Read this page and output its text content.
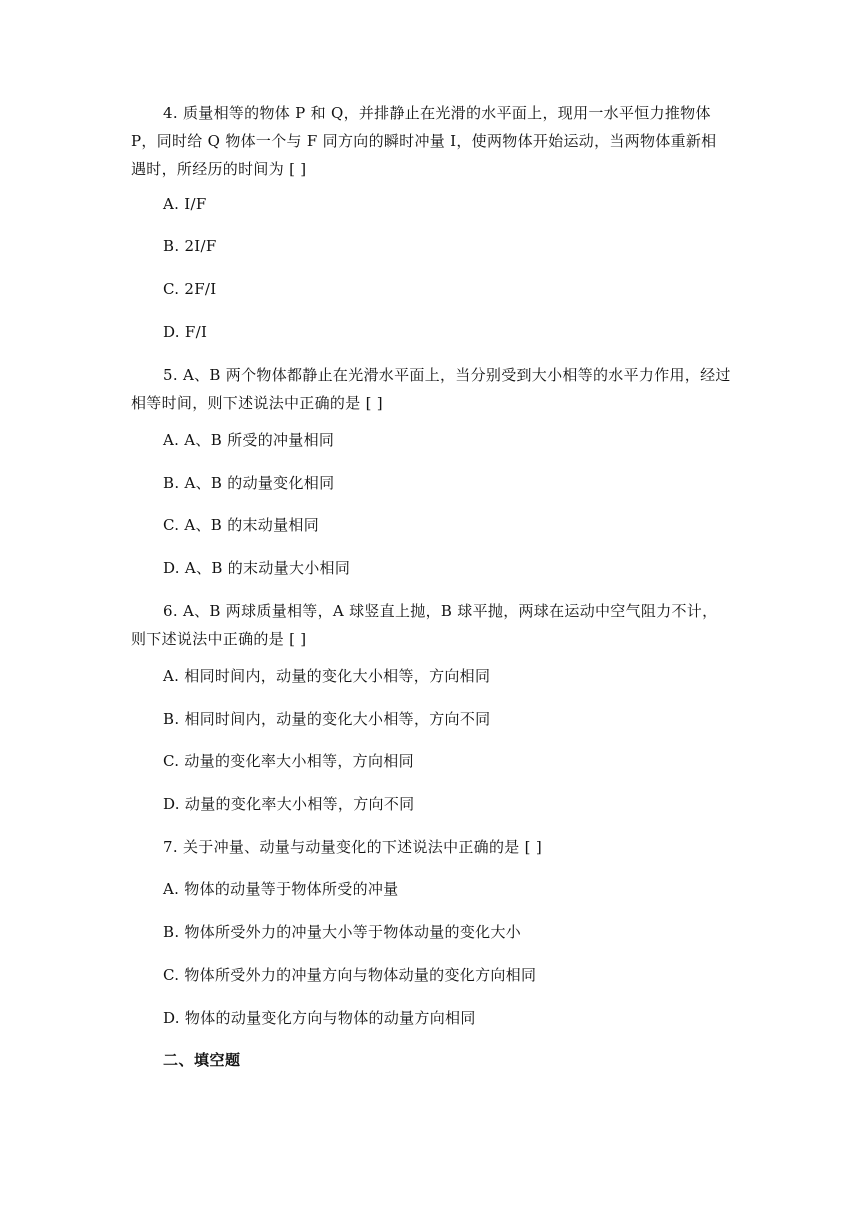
4. 质量相等的物体 P 和 Q，并排静止在光滑的水平面上，现用一水平恒力推物体 P，同时给 Q 物体一个与 F 同方向的瞬时冲量 I，使两物体开始运动，当两物体重新相遇时，所经历的时间为 [ ]

A. I/F

B. 2I/F

C. 2F/I

D. F/I

5. A、B 两个物体都静止在光滑水平面上，当分别受到大小相等的水平力作用，经过相等时间，则下述说法中正确的是 [ ]

A. A、B 所受的冲量相同

B. A、B 的动量变化相同

C. A、B 的末动量相同

D. A、B 的末动量大小相同

6. A、B 两球质量相等，A 球竖直上抛，B 球平抛，两球在运动中空气阻力不计，则下述说法中正确的是 [ ]

A. 相同时间内，动量的变化大小相等，方向相同

B. 相同时间内，动量的变化大小相等，方向不同

C. 动量的变化率大小相等，方向相同

D. 动量的变化率大小相等，方向不同

7. 关于冲量、动量与动量变化的下述说法中正确的是 [ ]

A. 物体的动量等于物体所受的冲量

B. 物体所受外力的冲量大小等于物体动量的变化大小

C. 物体所受外力的冲量方向与物体动量的变化方向相同

D. 物体的动量变化方向与物体的动量方向相同

二、填空题
